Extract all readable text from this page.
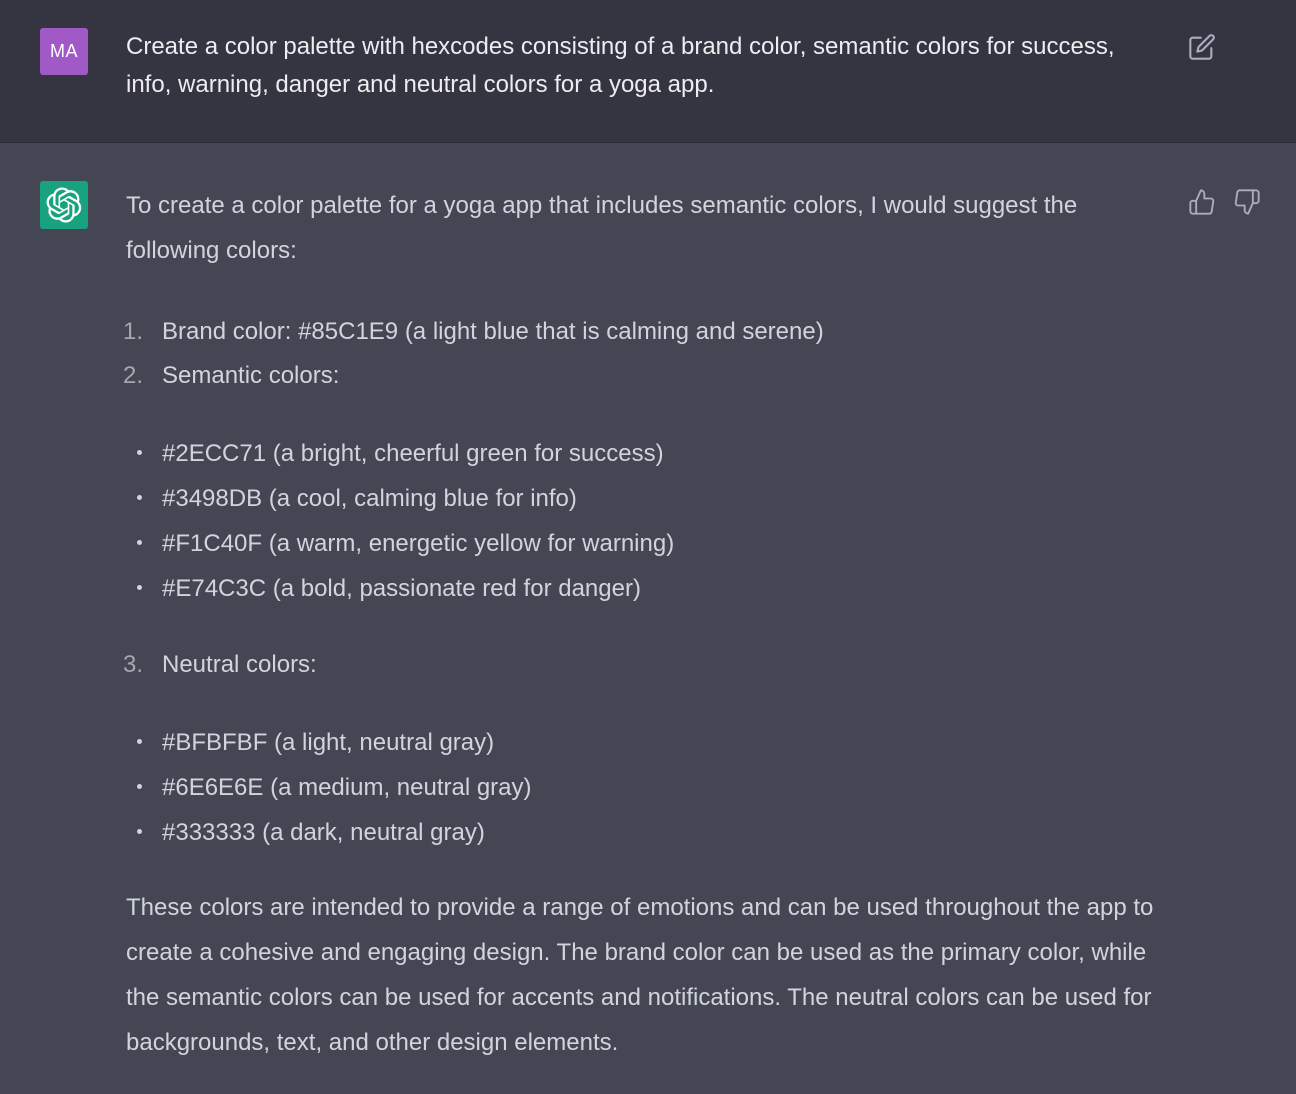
MA	Create a color palette with hexcodes consisting of a brand color, semantic colors for success, info, warning, danger and neutral colors for a yoga app.

To create a color palette for a yoga app that includes semantic colors, I would suggest the following colors:

1. Brand color: #85C1E9 (a light blue that is calming and serene)
2. Semantic colors:
#2ECC71 (a bright, cheerful green for success)
#3498DB (a cool, calming blue for info)
#F1C40F (a warm, energetic yellow for warning)
#E74C3C (a bold, passionate red for danger)
3. Neutral colors:
#BFBFBF (a light, neutral gray)
#6E6E6E (a medium, neutral gray)
#333333 (a dark, neutral gray)

These colors are intended to provide a range of emotions and can be used throughout the app to create a cohesive and engaging design. The brand color can be used as the primary color, while the semantic colors can be used for accents and notifications. The neutral colors can be used for backgrounds, text, and other design elements.
